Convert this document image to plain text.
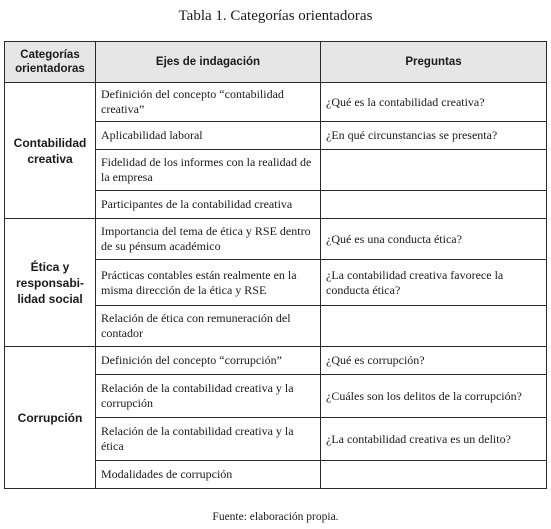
Tabla 1. Categorías orientadoras
Categorías orientadoras	Ejes de indagación	Preguntas
Contabilidad creativa	Definición del concepto “contabilidad creativa”	¿Qué es la contabilidad creativa?
	Aplicabilidad laboral	¿En qué circunstancias se presenta?
	Fidelidad de los informes con la realidad de la empresa	
	Participantes de la contabilidad creativa	
Ética y responsabi-lidad social	Importancia del tema de ética y RSE dentro de su pénsum académico	¿Qué es una conducta ética?
	Prácticas contables están realmente en la misma dirección de la ética y RSE	¿La contabilidad creativa favorece la conducta ética?
	Relación de ética con remuneración del contador	
Corrupción	Definición del concepto “corrupción”	¿Qué es corrupción?
	Relación de la contabilidad creativa y la corrupción	¿Cuáles son los delitos de la corrupción?
	Relación de la contabilidad creativa y la ética	¿La contabilidad creativa es un delito?
	Modalidades de corrupción	
Fuente: elaboración propia.
